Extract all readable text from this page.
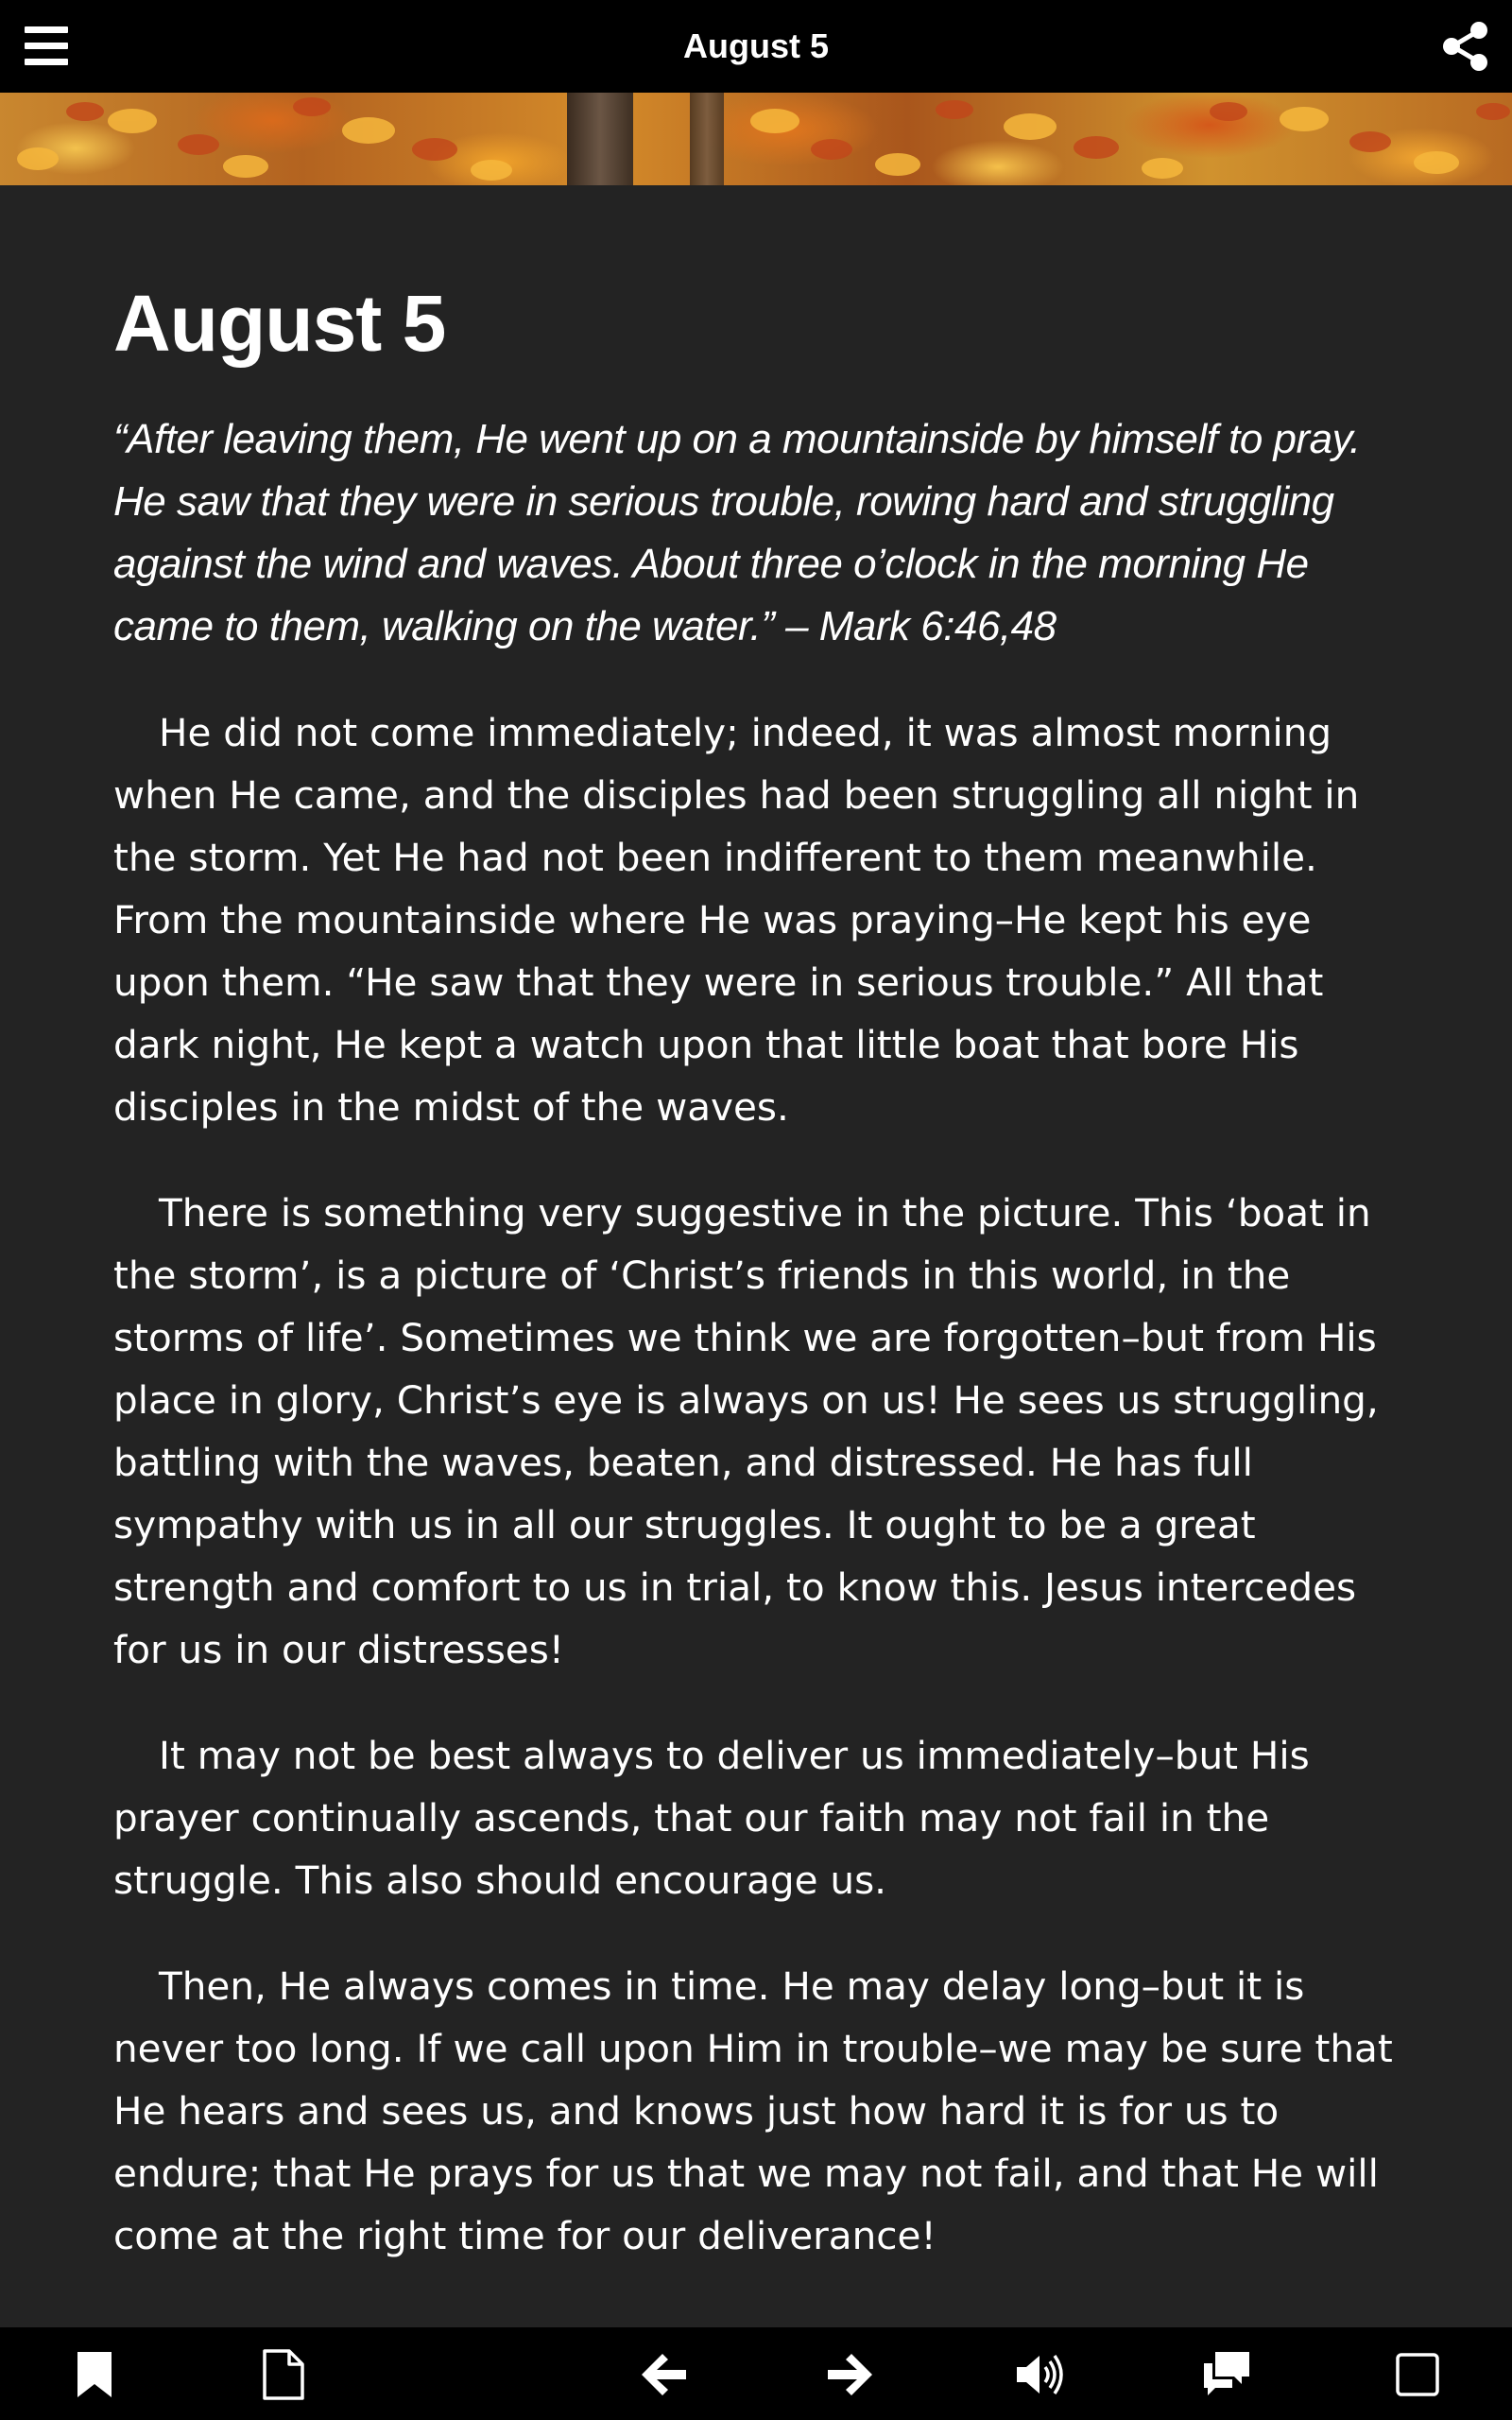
August 5
August 5
“After leaving them, He went up on a mountainside by himself to pray. He saw that they were in serious trouble, rowing hard and struggling against the wind and waves. About three o’clock in the morning He came to them, walking on the water.” – Mark 6:46,48
He did not come immediately; indeed, it was almost morning when He came, and the disciples had been struggling all night in the storm. Yet He had not been indifferent to them meanwhile. From the mountainside where He was praying–He kept his eye upon them. “He saw that they were in serious trouble.” All that dark night, He kept a watch upon that little boat that bore His disciples in the midst of the waves.
There is something very suggestive in the picture. This ‘boat in the storm’, is a picture of ‘Christ’s friends in this world, in the storms of life’. Sometimes we think we are forgotten–but from His place in glory, Christ’s eye is always on us! He sees us struggling, battling with the waves, beaten, and distressed. He has full sympathy with us in all our struggles. It ought to be a great strength and comfort to us in trial, to know this. Jesus intercedes for us in our distresses!
It may not be best always to deliver us immediately–but His prayer continually ascends, that our faith may not fail in the struggle. This also should encourage us.
Then, He always comes in time. He may delay long–but it is never too long. If we call upon Him in trouble–we may be sure that He hears and sees us, and knows just how hard it is for us to endure; that He prays for us that we may not fail, and that He will come at the right time for our deliverance!
